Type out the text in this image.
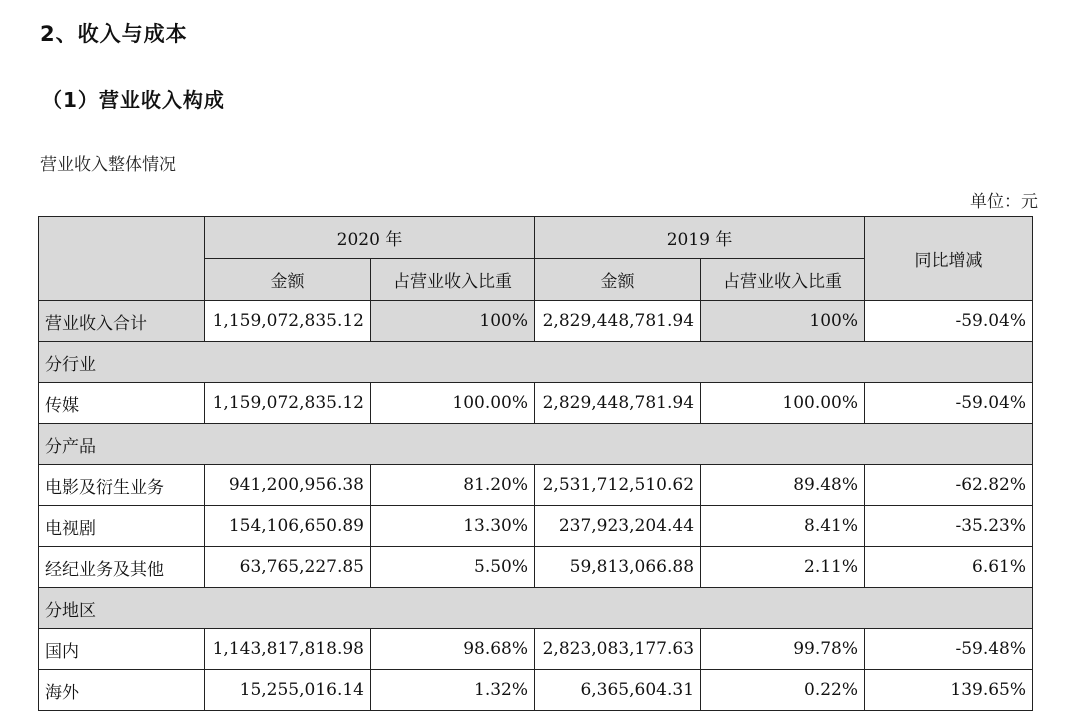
2、收入与成本
（1）营业收入构成
营业收入整体情况
单位：元
	2020 年		2019 年		同比增减
	金额	占营业收入比重	金额	占营业收入比重	
营业收入合计	1,159,072,835.12	100%	2,829,448,781.94	100%	-59.04%
分行业					
传媒	1,159,072,835.12	100.00%	2,829,448,781.94	100.00%	-59.04%
分产品					
电影及衍生业务	941,200,956.38	81.20%	2,531,712,510.62	89.48%	-62.82%
电视剧	154,106,650.89	13.30%	237,923,204.44	8.41%	-35.23%
经纪业务及其他	63,765,227.85	5.50%	59,813,066.88	2.11%	6.61%
分地区					
国内	1,143,817,818.98	98.68%	2,823,083,177.63	99.78%	-59.48%
海外	15,255,016.14	1.32%	6,365,604.31	0.22%	139.65%
